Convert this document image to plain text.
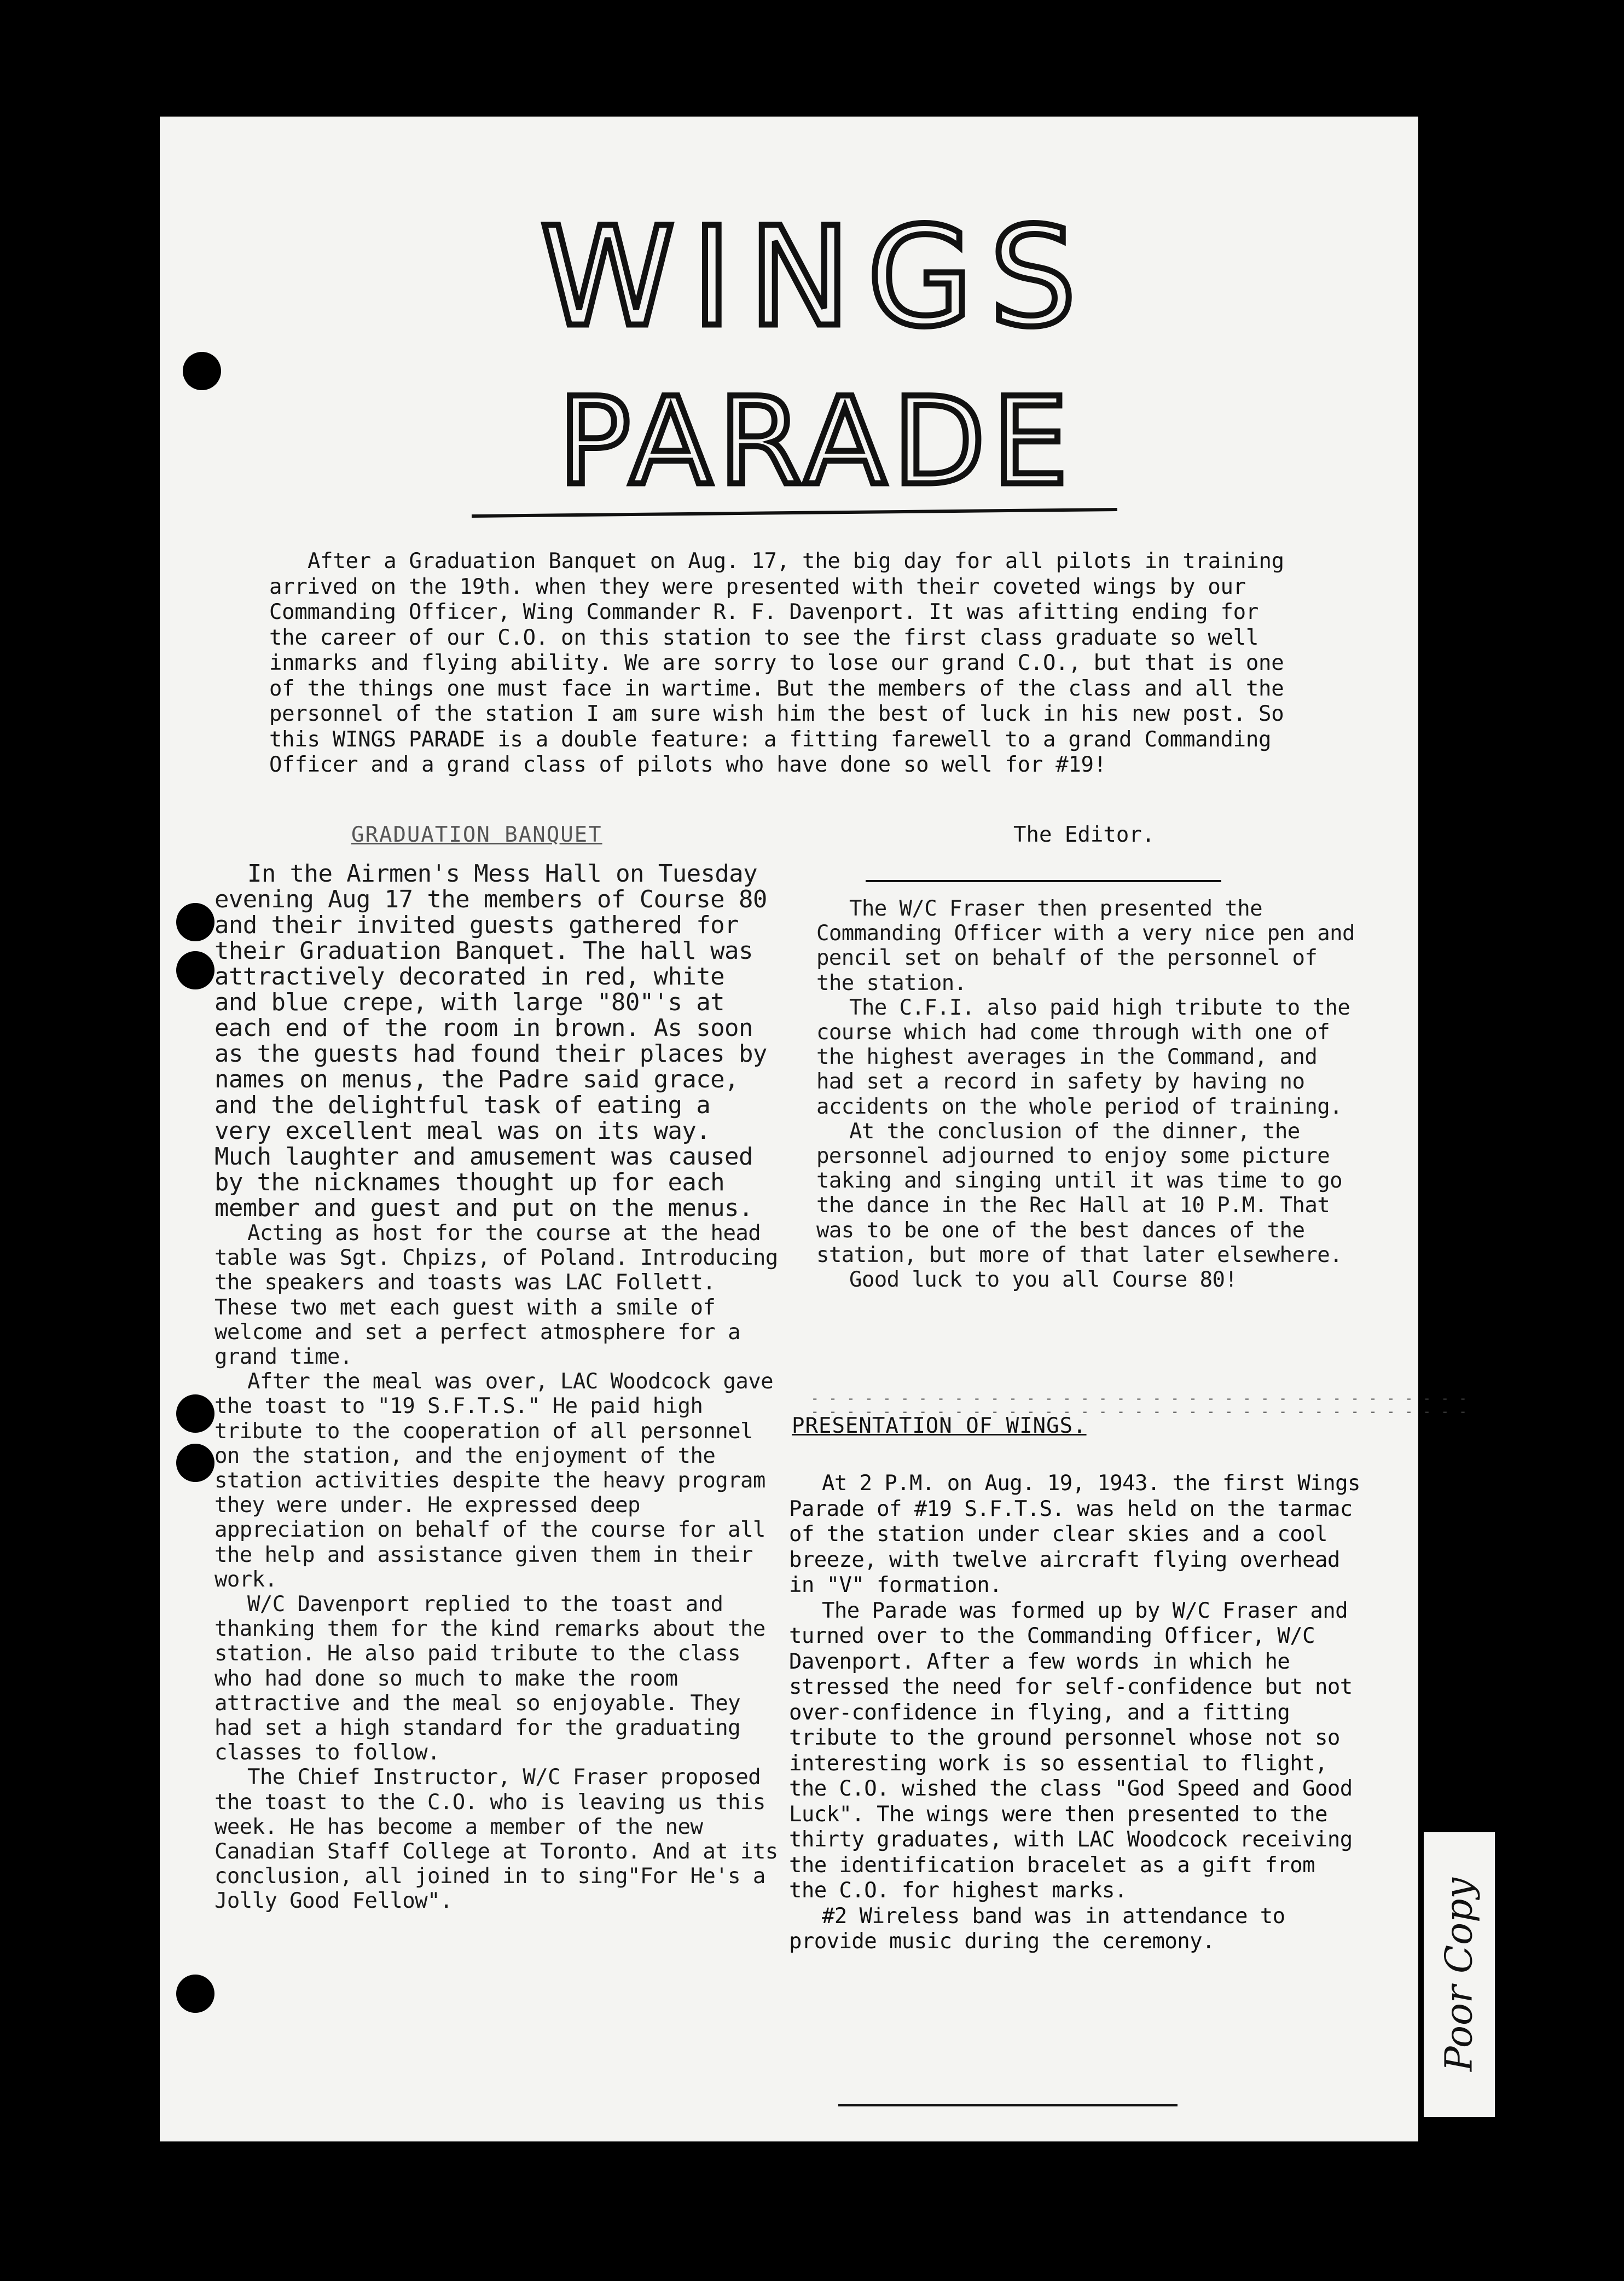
WINGS
PARADE

After a Graduation Banquet on Aug. 17, the big day for all pilots in training arrived on the 19th. when they were presented with their coveted wings by our Commanding Officer, Wing Commander R. F. Davenport. It was afitting ending for the career of our C.O. on this station to see the first class graduate so well inmarks and flying ability. We are sorry to lose our grand C.O., but that is one of the things one must face in wartime. But the members of the class and all the personnel of the station I am sure wish him the best of luck in his new post. So this WINGS PARADE is a double feature: a fitting farewell to a grand Commanding Officer and a grand class of pilots who have done so well for #19!

The Editor.
GRADUATION BANQUET

In the Airmen's Mess Hall on Tuesday evening Aug 17 the members of Course 80 and their invited guests gathered for their Graduation Banquet. The hall was attractively decorated in red, white and blue crepe, with large "80"'s at each end of the room in brown. As soon as the guests had found their places by names on menus, the Padre said grace, and the delightful task of eating a very excellent meal was on its way. Much laughter and amusement was caused by the nicknames thought up for each member and guest and put on the menus.

Acting as host for the course at the head table was Sgt. Chpizs, of Poland. Introducing the speakers and toasts was LAC Follett. These two met each guest with a smile of welcome and set a perfect atmosphere for a grand time.

After the meal was over, LAC Woodcock gave the toast to "19 S.F.T.S." He paid high tribute to the cooperation of all personnel on the station, and the enjoyment of the station activities despite the heavy program they were under. He expressed deep appreciation on behalf of the course for all the help and assistance given them in their work.

W/C Davenport replied to the toast and thanking them for the kind remarks about the station. He also paid tribute to the class who had done so much to make the room attractive and the meal so enjoyable. They had set a high standard for the graduating classes to follow.

The Chief Instructor, W/C Fraser proposed the toast to the C.O. who is leaving us this week. He has become a member of the new Canadian Staff College at Toronto. And at its conclusion, all joined in to sing"For He's a Jolly Good Fellow".

The W/C Fraser then presented the Commanding Officer with a very nice pen and pencil set on behalf of the personnel of the station.

The C.F.I. also paid high tribute to the course which had come through with one of the highest averages in the Command, and had set a record in safety by having no accidents on the whole period of training.

At the conclusion of the dinner, the personnel adjourned to enjoy some picture taking and singing until it was time to go the dance in the Rec Hall at 10 P.M. That was to be one of the best dances of the station, but more of that later elsewhere.

Good luck to you all Course 80!

- - - - - - - - - - - - - - - - - - - - - - - - - - - - - - - - - - - - -
- - - - - - - - - - - - - - - - - - - - - - - - - - - - - - - - - - - - -
PRESENTATION OF WINGS.

At 2 P.M. on Aug. 19, 1943. the first Wings Parade of #19 S.F.T.S. was held on the tarmac of the station under clear skies and a cool breeze, with twelve aircraft flying overhead in "V" formation.

The Parade was formed up by W/C Fraser and turned over to the Commanding Officer, W/C Davenport. After a few words in which he stressed the need for self-confidence but not over-confidence in flying, and a fitting tribute to the ground personnel whose not so interesting work is so essential to flight, the C.O. wished the class "God Speed and Good Luck". The wings were then presented to the thirty graduates, with LAC Woodcock receiving the identification bracelet as a gift from the C.O. for highest marks.

#2 Wireless band was in attendance to provide music during the ceremony.	Poor Copy
